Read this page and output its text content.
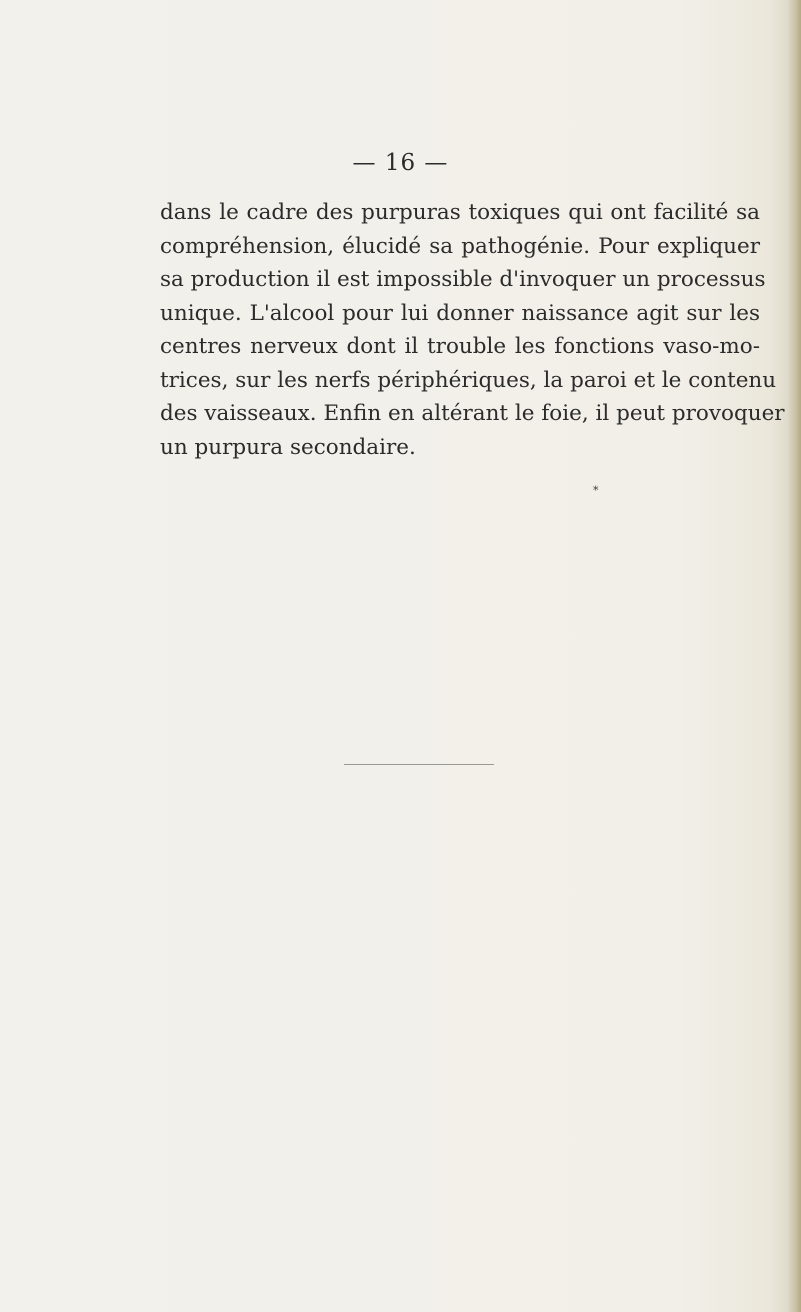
— 16 —
dans le cadre des purpuras toxiques qui ont facilité sa
compréhension, élucidé sa pathogénie. Pour expliquer
sa production il est impossible d'invoquer un processus
unique. L'alcool pour lui donner naissance agit sur les
centres nerveux dont il trouble les fonctions vaso-mo-
trices, sur les nerfs périphériques, la paroi et le contenu
des vaisseaux. Enfin en altérant le foie, il peut provoquer
un purpura secondaire.
*
